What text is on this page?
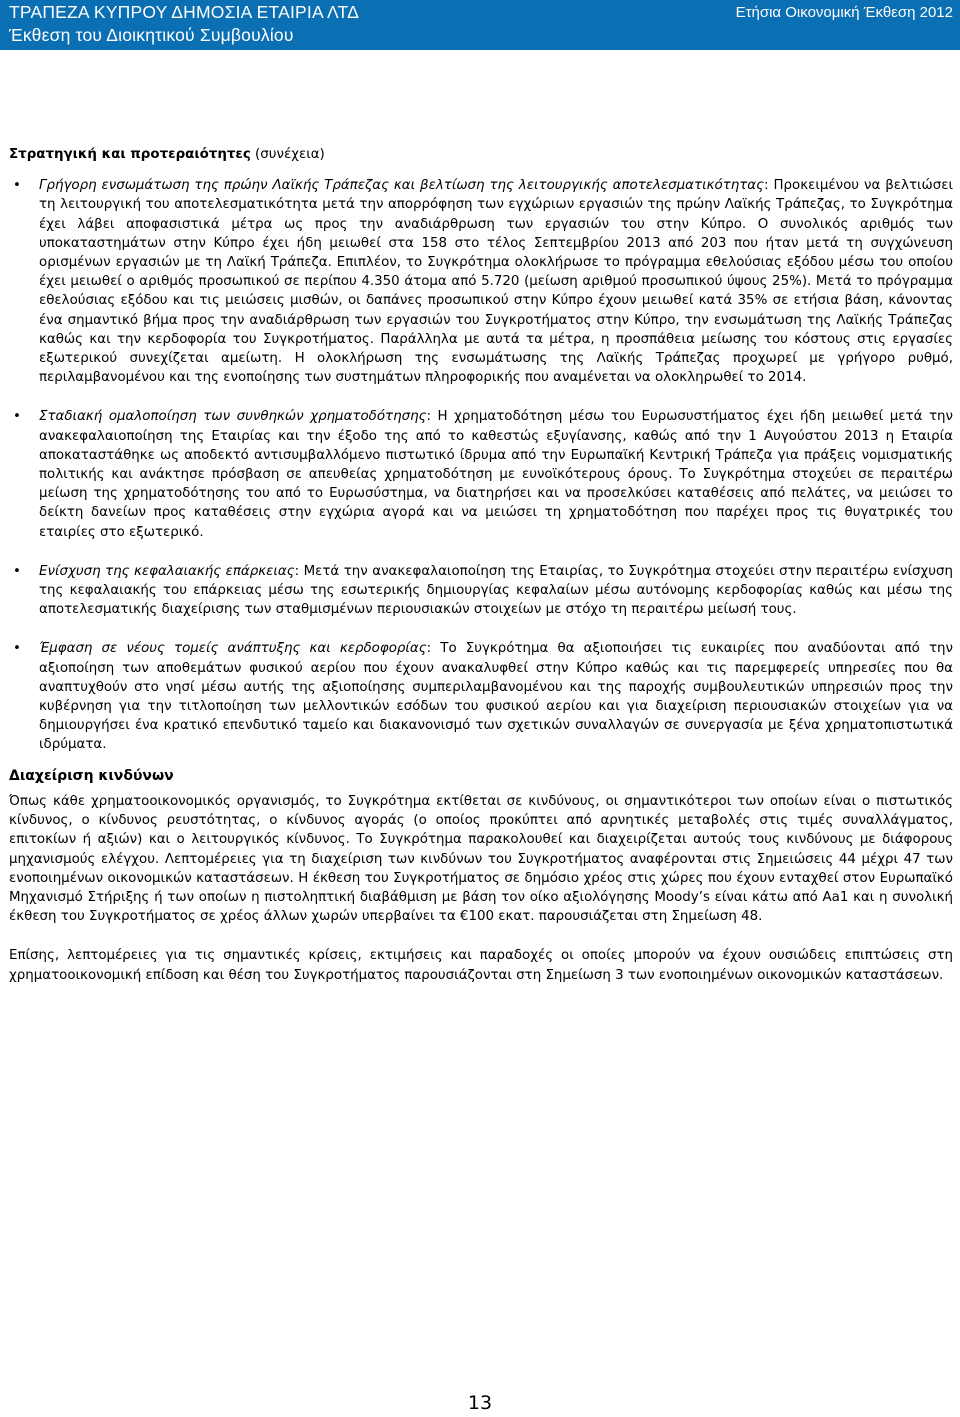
ΤΡΑΠΕΖΑ ΚΥΠΡΟΥ ΔΗΜΟΣΙΑ ΕΤΑΙΡΙΑ ΛΤΔ
Έκθεση του Διοικητικού Συμβουλίου
Ετήσια Οικονομική Έκθεση 2012
Στρατηγική και προτεραιότητες (συνέχεια)
• Γρήγορη ενσωμάτωση της πρώην Λαϊκής Τράπεζας και βελτίωση της λειτουργικής αποτελεσματικότητας: Προκειμένου να βελτιώσει τη λειτουργική του αποτελεσματικότητα μετά την απορρόφηση των εγχώριων εργασιών της πρώην Λαϊκής Τράπεζας, το Συγκρότημα έχει λάβει αποφασιστικά μέτρα ως προς την αναδιάρθρωση των εργασιών του στην Κύπρο. Ο συνολικός αριθμός των υποκαταστημάτων στην Κύπρο έχει ήδη μειωθεί στα 158 στο τέλος Σεπτεμβρίου 2013 από 203 που ήταν μετά τη συγχώνευση ορισμένων εργασιών με τη Λαϊκή Τράπεζα. Επιπλέον, το Συγκρότημα ολοκλήρωσε το πρόγραμμα εθελούσιας εξόδου μέσω του οποίου έχει μειωθεί ο αριθμός προσωπικού σε περίπου 4.350 άτομα από 5.720 (μείωση αριθμού προσωπικού ύψους 25%). Μετά το πρόγραμμα εθελούσιας εξόδου και τις μειώσεις μισθών, οι δαπάνες προσωπικού στην Κύπρο έχουν μειωθεί κατά 35% σε ετήσια βάση, κάνοντας ένα σημαντικό βήμα προς την αναδιάρθρωση των εργασιών του Συγκροτήματος στην Κύπρο, την ενσωμάτωση της Λαϊκής Τράπεζας καθώς και την κερδοφορία του Συγκροτήματος. Παράλληλα με αυτά τα μέτρα, η προσπάθεια μείωσης του κόστους στις εργασίες εξωτερικού συνεχίζεται αμείωτη. Η ολοκλήρωση της ενσωμάτωσης της Λαϊκής Τράπεζας προχωρεί με γρήγορο ρυθμό, περιλαμβανομένου και της ενοποίησης των συστημάτων πληροφορικής που αναμένεται να ολοκληρωθεί το 2014.
• Σταδιακή ομαλοποίηση των συνθηκών χρηματοδότησης: Η χρηματοδότηση μέσω του Ευρωσυστήματος έχει ήδη μειωθεί μετά την ανακεφαλαιοποίηση της Εταιρίας και την έξοδο της από το καθεστώς εξυγίανσης, καθώς από την 1 Αυγούστου 2013 η Εταιρία αποκαταστάθηκε ως αποδεκτό αντισυμβαλλόμενο πιστωτικό ίδρυμα από την Ευρωπαϊκή Κεντρική Τράπεζα για πράξεις νομισματικής πολιτικής και ανάκτησε πρόσβαση σε απευθείας χρηματοδότηση με ευνοϊκότερους όρους. Το Συγκρότημα στοχεύει σε περαιτέρω μείωση της χρηματοδότησης του από το Ευρωσύστημα, να διατηρήσει και να προσελκύσει καταθέσεις από πελάτες, να μειώσει το δείκτη δανείων προς καταθέσεις στην εγχώρια αγορά και να μειώσει τη χρηματοδότηση που παρέχει προς τις θυγατρικές του εταιρίες στο εξωτερικό.
• Ενίσχυση της κεφαλαιακής επάρκειας: Μετά την ανακεφαλαιοποίηση της Εταιρίας, το Συγκρότημα στοχεύει στην περαιτέρω ενίσχυση της κεφαλαιακής του επάρκειας μέσω της εσωτερικής δημιουργίας κεφαλαίων μέσω αυτόνομης κερδοφορίας καθώς και μέσω της αποτελεσματικής διαχείρισης των σταθμισμένων περιουσιακών στοιχείων με στόχο τη περαιτέρω μείωσή τους.
• Έμφαση σε νέους τομείς ανάπτυξης και κερδοφορίας: Το Συγκρότημα θα αξιοποιήσει τις ευκαιρίες που αναδύονται από την αξιοποίηση των αποθεμάτων φυσικού αερίου που έχουν ανακαλυφθεί στην Κύπρο καθώς και τις παρεμφερείς υπηρεσίες που θα αναπτυχθούν στο νησί μέσω αυτής της αξιοποίησης συμπεριλαμβανομένου και της παροχής συμβουλευτικών υπηρεσιών προς την κυβέρνηση για την τιτλοποίηση των μελλοντικών εσόδων του φυσικού αερίου και για διαχείριση περιουσιακών στοιχείων για να δημιουργήσει ένα κρατικό επενδυτικό ταμείο και διακανονισμό των σχετικών συναλλαγών σε συνεργασία με ξένα χρηματοπιστωτικά ιδρύματα.
Διαχείριση κινδύνων

Όπως κάθε χρηματοοικονομικός οργανισμός, το Συγκρότημα εκτίθεται σε κινδύνους, οι σημαντικότεροι των οποίων είναι ο πιστωτικός κίνδυνος, ο κίνδυνος ρευστότητας, ο κίνδυνος αγοράς (ο οποίος προκύπτει από αρνητικές μεταβολές στις τιμές συναλλάγματος, επιτοκίων ή αξιών) και ο λειτουργικός κίνδυνος. Το Συγκρότημα παρακολουθεί και διαχειρίζεται αυτούς τους κινδύνους με διάφορους μηχανισμούς ελέγχου. Λεπτομέρειες για τη διαχείριση των κινδύνων του Συγκροτήματος αναφέρονται στις Σημειώσεις 44 μέχρι 47 των ενοποιημένων οικονομικών καταστάσεων. Η έκθεση του Συγκροτήματος σε δημόσιο χρέος στις χώρες που έχουν ενταχθεί στον Ευρωπαϊκό Μηχανισμό Στήριξης ή των οποίων η πιστοληπτική διαβάθμιση με βάση τον οίκο αξιολόγησης Moody’s είναι κάτω από Aa1 και η συνολική έκθεση του Συγκροτήματος σε χρέος άλλων χωρών υπερβαίνει τα €100 εκατ. παρουσιάζεται στη Σημείωση 48.

Επίσης, λεπτομέρειες για τις σημαντικές κρίσεις, εκτιμήσεις και παραδοχές οι οποίες μπορούν να έχουν ουσιώδεις επιπτώσεις στη χρηματοοικονομική επίδοση και θέση του Συγκροτήματος παρουσιάζονται στη Σημείωση 3 των ενοποιημένων οικονομικών καταστάσεων.

13
